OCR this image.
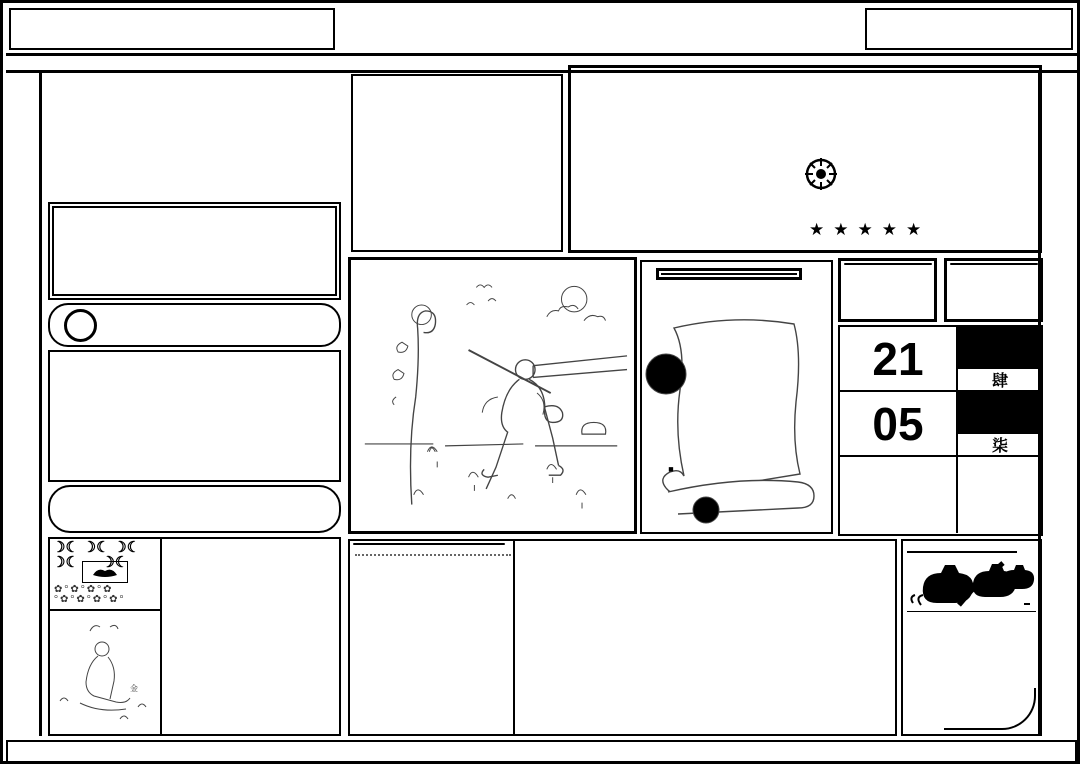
☽☾ ☽☾ ☽☾
☽☾      ☽☾
✿°✿°✿°✿
°✿°✿°✿°✿°
金
★★★★★
■
21	肆
05	柒
